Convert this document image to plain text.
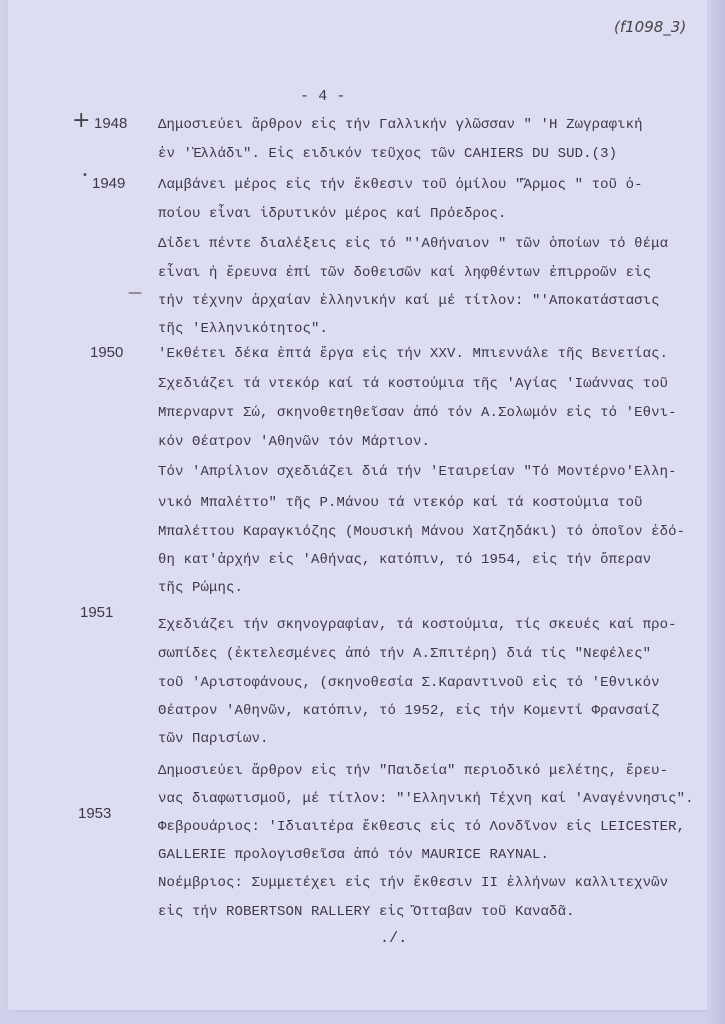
(f1098_3)
- 4 -
+ 1948 Δημοσιεύει ἄρθρον εἰς τήν Γαλλικήν γλῶσσαν " 'Η Ζωγραφική
ἐν 'Ἑλλάδι". Εἰς ειδικόν τεῦχος τῶν CAHIERS DU SUD.(3)
• 1949 Λαμβάνει μέρος εἰς τήν ἔκθεσιν τοῦ ὁμίλου "Ἅρμος " τοῦ ὁ-
ποίου εἶναι ἱδρυτικόν μέρος καί Πρόεδρος.
Δίδει πέντε διαλέξεις εἰς τό "'Αθήναιον " τῶν ὁποίων τό θέμα
εἶναι ἡ ἔρευνα ἐπί τῶν δοθεισῶν καί ληφθέντων ἐπιρροῶν εἰς
— τήν τέχνην ἀρχαίαν ἑλληνικήν καί μέ τίτλον: "'Αποκατάστασις
τῆς 'Ελληνικότητος".
1950 'Εκθέτει δέκα ἑπτά ἔργα εἰς τήν XXV. Μπιεννάλε τῆς Βενετίας.
Σχεδιάζει τά ντεκόρ καί τά κοστούμια τῆς 'Αγίας 'Ιωάννας τοῦ
Μπερναρντ Σώ, σκηνοθετηθεῖσαν ἀπό τόν Α.Σολωμόν εἰς τό 'Εθνι-
κόν Θέατρον 'Αθηνῶν τόν Μάρτιον.
Τόν 'Απρίλιον σχεδιάζει διά τήν 'Εταιρείαν "Τό Μοντέρνο'Ελλη-
νικό Μπαλέττο" τῆς Ρ.Μάνου τά ντεκόρ καί τά κοστούμια τοῦ
Μπαλέττου Καραγκιόζης (Μουσική Μάνου Χατζηδάκι) τό ὁποῖον ἐδό-
θη κατ'ἀρχήν εἰς 'Αθήνας, κατόπιν, τό 1954, εἰς τήν ὄπεραν
τῆς Ρώμης.
1951
Σχεδιάζει τήν σκηνογραφίαν, τά κοστούμια, τίς σκευές καί προ-
σωπίδες (ἐκτελεσμένες ἀπό τήν Α.Σπιτέρη) διά τίς "Νεφέλες"
τοῦ 'Αριστοφάνους, (σκηνοθεσία Σ.Καραντινοῦ εἰς τό 'Εθνικόν
Θέατρον 'Αθηνῶν, κατόπιν, τό 1952, εἰς τήν Κομεντί Φρανσαίζ
τῶν Παρισίων.
Δημοσιεύει ἄρθρον εἰς τήν "Παιδεία" περιοδικό μελέτης, ἔρευ-
νας διαφωτισμοῦ, μέ τίτλον: "'Ελληνική Τέχνη καί 'Αναγέννησις".
1953
Φεβρουάριος: 'Ιδιαιτέρα ἔκθεσις εἰς τό Λονδῖνον εἰς LEICESTER,
GALLERIE προλογισθεῖσα ἀπό τόν MAURICE RAYNAL.
Νοέμβριος: Συμμετέχει εἰς τήν ἔκθεσιν II ἑλλήνων καλλιτεχνῶν
εἰς τήν ROBERTSON RALLERY εἰς Ὄτταβαν τοῦ Καναδᾶ.
./.
